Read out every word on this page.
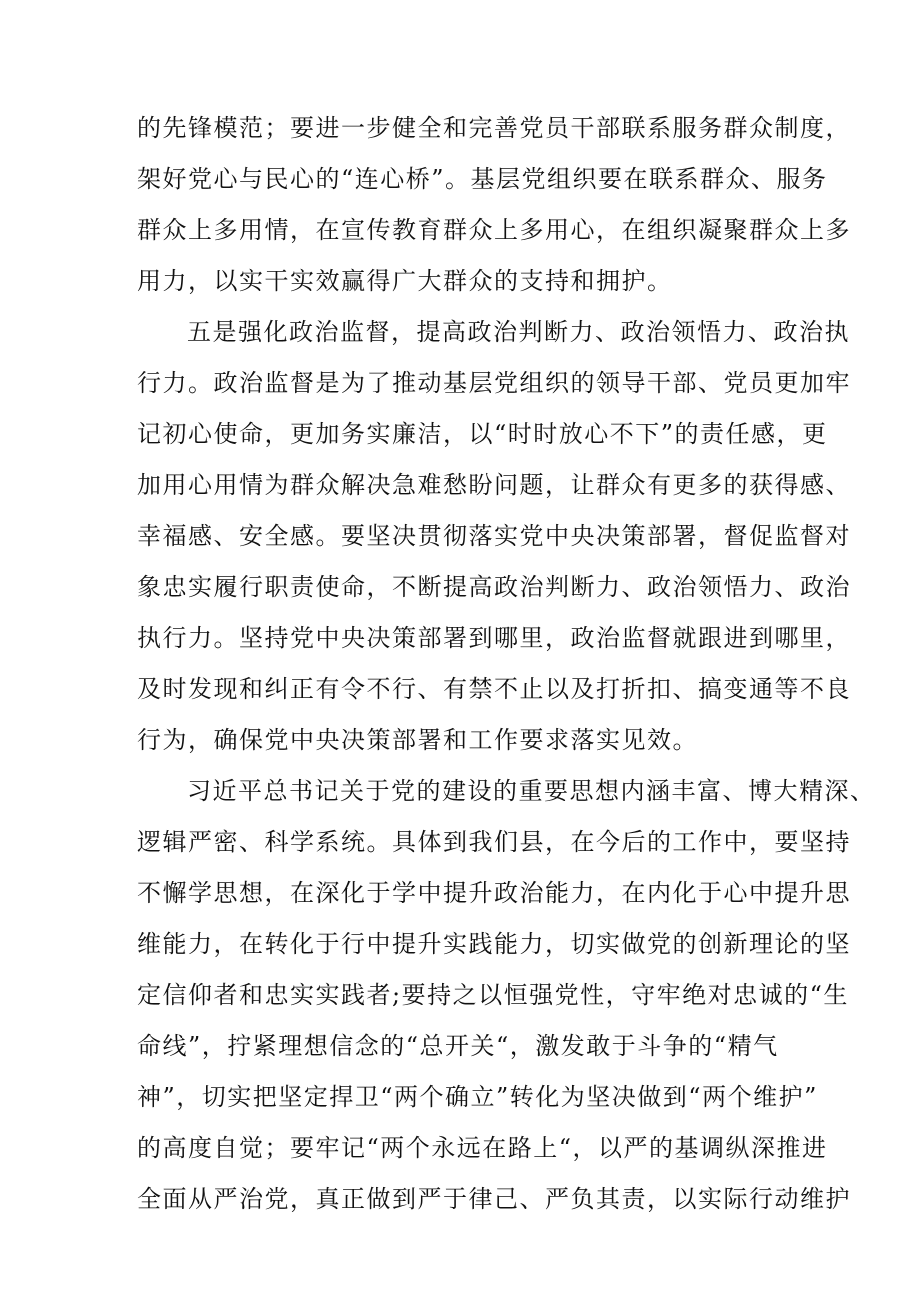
的先锋模范；要进一步健全和完善党员干部联系服务群众制度，
架好党心与民心的“连心桥”。基层党组织要在联系群众、服务
群众上多用情，在宣传教育群众上多用心，在组织凝聚群众上多
用力，以实干实效赢得广大群众的支持和拥护。
五是强化政治监督，提高政治判断力、政治领悟力、政治执
行力。政治监督是为了推动基层党组织的领导干部、党员更加牢
记初心使命，更加务实廉洁，以“时时放心不下”的责任感，更
加用心用情为群众解决急难愁盼问题，让群众有更多的获得感、
幸福感、安全感。要坚决贯彻落实党中央决策部署，督促监督对
象忠实履行职责使命，不断提高政治判断力、政治领悟力、政治
执行力。坚持党中央决策部署到哪里，政治监督就跟进到哪里，
及时发现和纠正有令不行、有禁不止以及打折扣、搞变通等不良
行为，确保党中央决策部署和工作要求落实见效。
习近平总书记关于党的建设的重要思想内涵丰富、博大精深、
逻辑严密、科学系统。具体到我们县，在今后的工作中，要坚持
不懈学思想，在深化于学中提升政治能力，在内化于心中提升思
维能力，在转化于行中提升实践能力，切实做党的创新理论的坚
定信仰者和忠实实践者;要持之以恒强党性，守牢绝对忠诚的“生
命线”，拧紧理想信念的“总开关“，激发敢于斗争的“精气
神”，切实把坚定捍卫“两个确立”转化为坚决做到“两个维护”
的高度自觉；要牢记“两个永远在路上“，以严的基调纵深推进
全面从严治党，真正做到严于律己、严负其责，以实际行动维护
